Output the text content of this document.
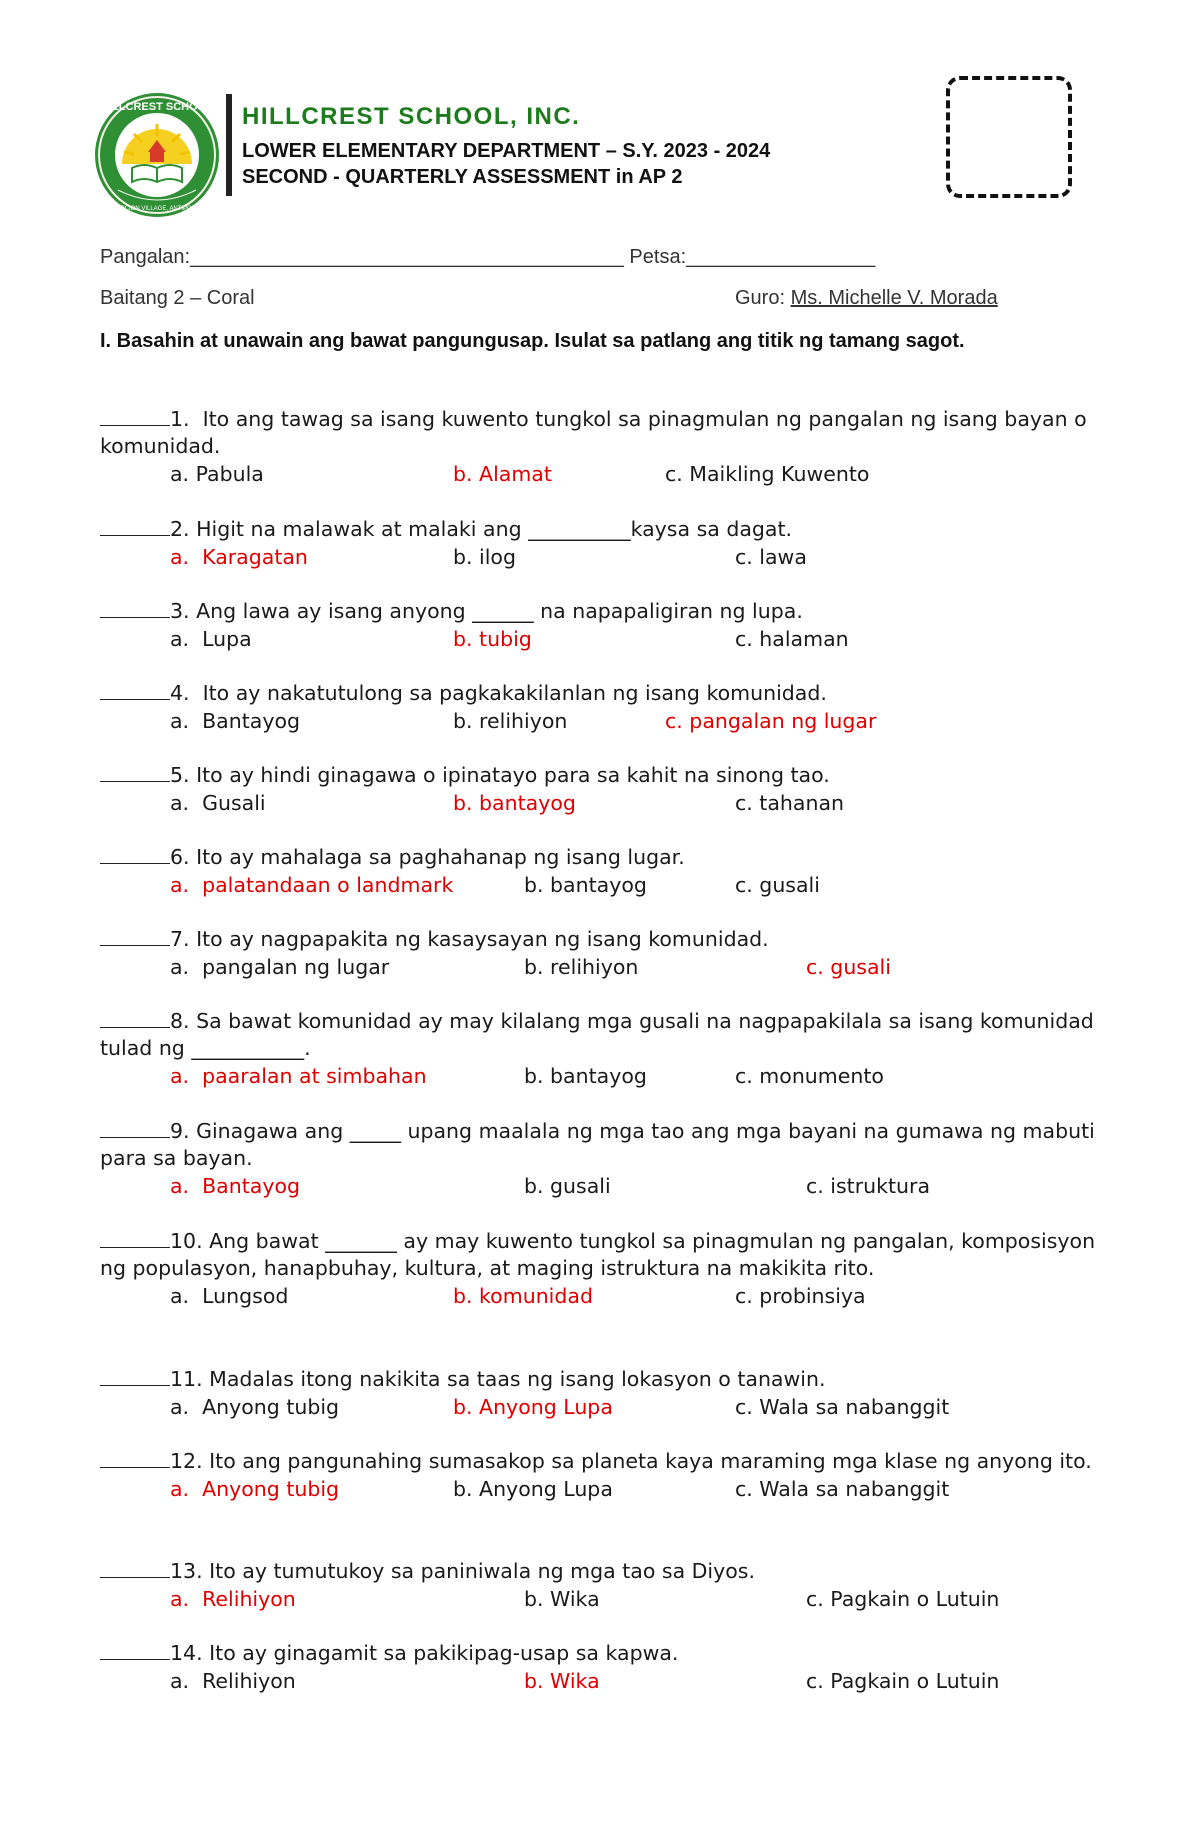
HILLCREST SCHOOL
CONCEPCION VILLAGE, ANTIPOLO CITY
HILLCREST SCHOOL, INC.
LOWER ELEMENTARY DEPARTMENT – S.Y. 2023 - 2024
SECOND - QUARTERLY ASSESSMENT in AP 2
Pangalan:_______________________________________ Petsa:_________________
Baitang 2 – Coral	Guro: Ms. Michelle V. Morada
I. Basahin at unawain ang bawat pangungusap. Isulat sa patlang ang titik ng tamang sagot.
1.  Ito ang tawag sa isang kuwento tungkol sa pinagmulan ng pangalan ng isang bayan o komunidad.
a. Pabula	b. Alamat	c. Maikling Kuwento
2. Higit na malawak at malaki ang __________kaysa sa dagat.
a.  Karagatan	b. ilog	c. lawa
3. Ang lawa ay isang anyong ______ na napapaligiran ng lupa.
a.  Lupa	b. tubig	c. halaman
4.  Ito ay nakatutulong sa pagkakakilanlan ng isang komunidad.
a.  Bantayog	b. relihiyon	c. pangalan ng lugar
5. Ito ay hindi ginagawa o ipinatayo para sa kahit na sinong tao.
a.  Gusali	b. bantayog	c. tahanan
6. Ito ay mahalaga sa paghahanap ng isang lugar.
a.  palatandaan o landmark	b. bantayog	c. gusali
7. Ito ay nagpapakita ng kasaysayan ng isang komunidad.
a.  pangalan ng lugar	b. relihiyon	c. gusali
8. Sa bawat komunidad ay may kilalang mga gusali na nagpapakilala sa isang komunidad tulad ng ___________.
a.  paaralan at simbahan	b. bantayog	c. monumento
9. Ginagawa ang _____ upang maalala ng mga tao ang mga bayani na gumawa ng mabuti para sa bayan.
a.  Bantayog	b. gusali	c. istruktura
10. Ang bawat _______ ay may kuwento tungkol sa pinagmulan ng pangalan, komposisyon ng populasyon, hanapbuhay, kultura, at maging istruktura na makikita rito.
a.  Lungsod	b. komunidad	c. probinsiya
11. Madalas itong nakikita sa taas ng isang lokasyon o tanawin.
a.  Anyong tubig	b. Anyong Lupa	c. Wala sa nabanggit
12. Ito ang pangunahing sumasakop sa planeta kaya maraming mga klase ng anyong ito.
a.  Anyong tubig	b. Anyong Lupa	c. Wala sa nabanggit
13. Ito ay tumutukoy sa paniniwala ng mga tao sa Diyos.
a.  Relihiyon	b. Wika	c. Pagkain o Lutuin
14. Ito ay ginagamit sa pakikipag-usap sa kapwa.
a.  Relihiyon	b. Wika	c. Pagkain o Lutuin
